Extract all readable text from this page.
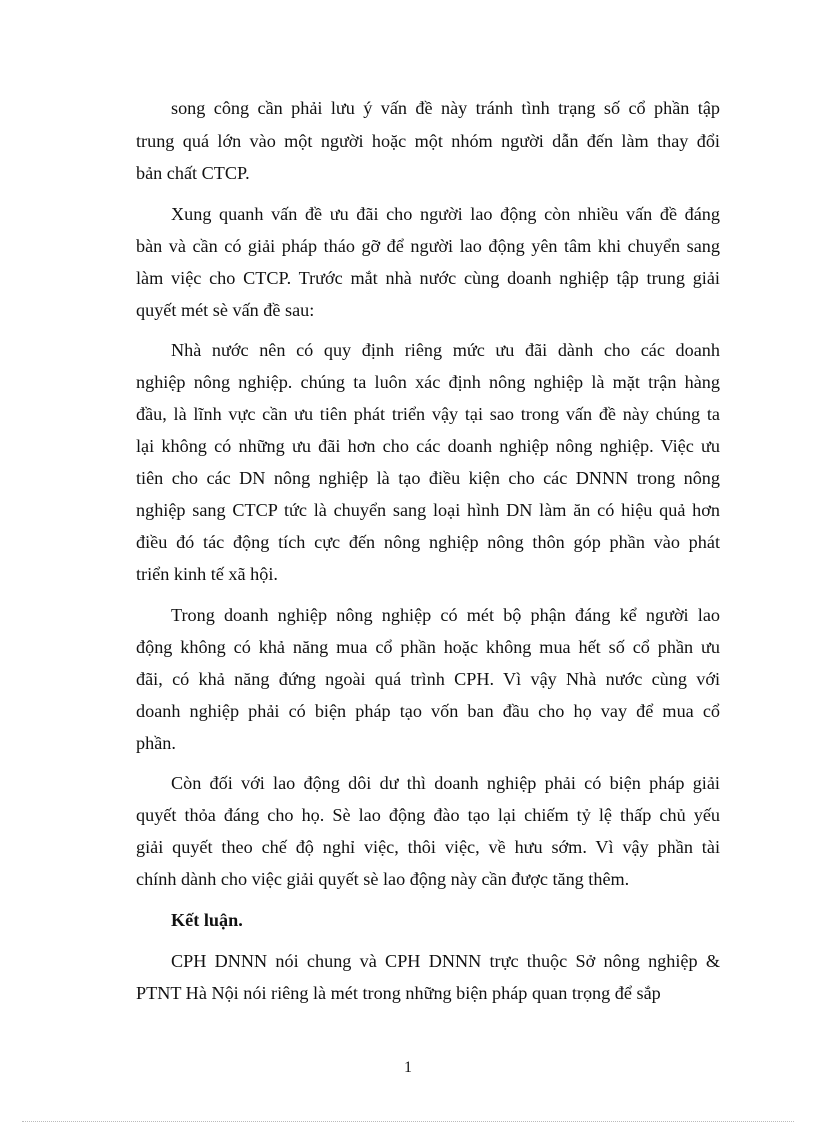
song công cần phải lưu ý vấn đề này tránh tình trạng số cổ phần tập
trung quá lớn vào một người hoặc một nhóm người dẫn đến làm thay đổi
bản chất CTCP.
Xung quanh vấn đề ưu đãi cho người lao động còn nhiều vấn đề đáng
bàn và cần có giải pháp tháo gỡ để người lao động yên tâm khi chuyển sang
làm việc cho CTCP. Trước mắt nhà nước cùng doanh nghiệp tập trung giải
quyết mét sè vấn đề sau:
Nhà nước nên có quy định riêng mức ưu đãi dành cho các doanh
nghiệp nông nghiệp. chúng ta luôn xác định nông nghiệp là mặt trận hàng
đầu, là lĩnh vực cần ưu tiên phát triển vậy tại sao trong vấn đề này chúng ta
lại không có những ưu đãi hơn cho các doanh nghiệp nông nghiệp. Việc ưu
tiên cho các DN nông nghiệp là tạo điều kiện cho các DNNN trong nông
nghiệp sang CTCP tức là chuyển sang loại hình DN làm ăn có hiệu quả hơn
điều đó tác động tích cực đến nông nghiệp nông thôn góp phần vào phát
triển kinh tế xã hội.
Trong doanh nghiệp nông nghiệp có mét bộ phận đáng kể người lao
động không có khả năng mua cổ phần hoặc không mua hết số cổ phần ưu
đãi, có khả năng đứng ngoài quá trình CPH. Vì vậy Nhà nước cùng với
doanh nghiệp phải có biện pháp tạo vốn ban đầu cho họ vay để mua cổ
phần.
Còn đối với lao động dôi dư thì doanh nghiệp phải có biện pháp giải
quyết thỏa đáng cho họ. Sè lao động đào tạo lại chiếm tỷ lệ thấp chủ yếu
giải quyết theo chế độ nghỉ việc, thôi việc, về hưu sớm. Vì vậy phần tài
chính dành cho việc giải quyết sè lao động này cần được tăng thêm.
Kết luận.
CPH DNNN nói chung và CPH DNNN trực thuộc Sở nông nghiệp &
PTNT Hà Nội nói riêng là mét trong những biện pháp quan trọng để sắp
1
